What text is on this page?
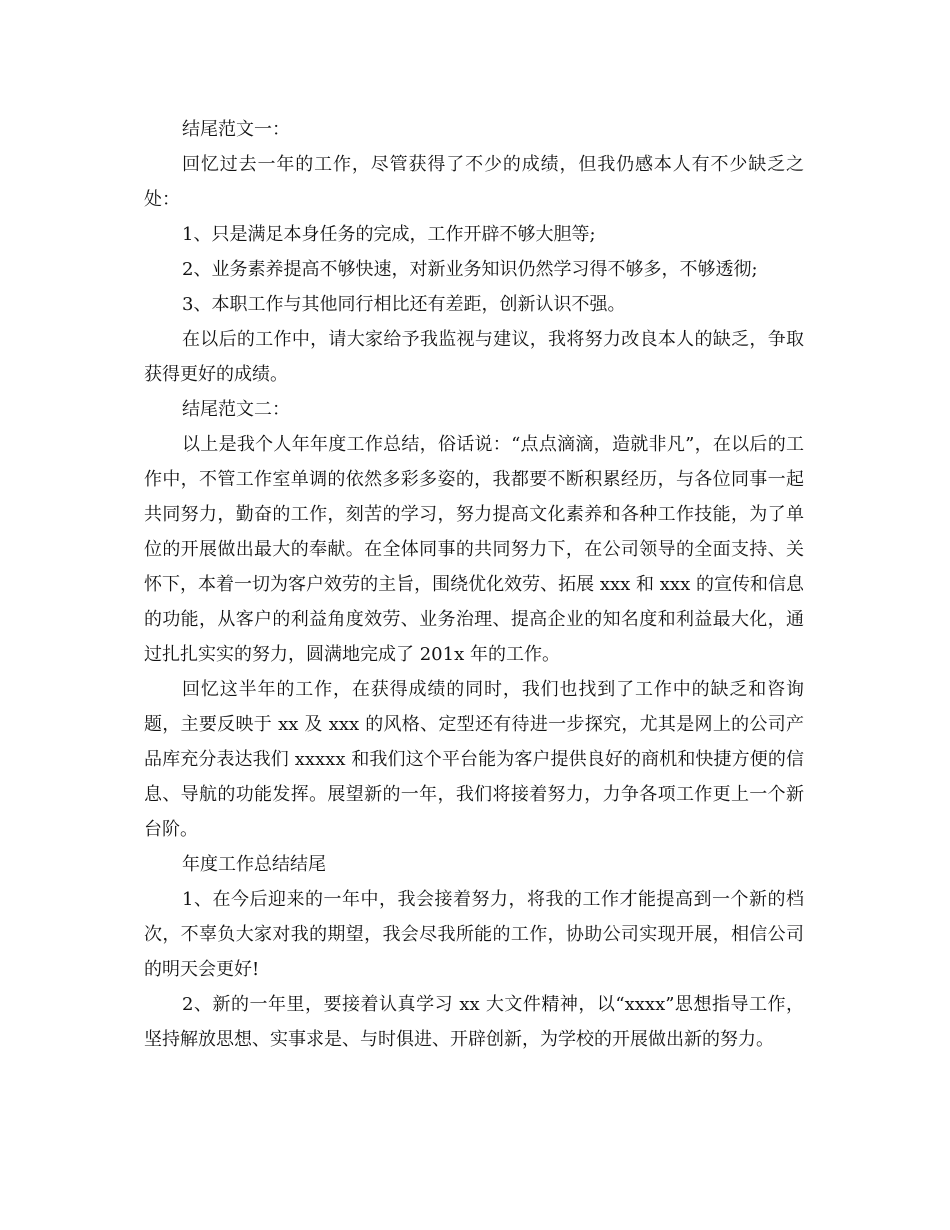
结尾范文一：

回忆过去一年的工作，尽管获得了不少的成绩，但我仍感本人有不少缺乏之处：

1、只是满足本身任务的完成，工作开辟不够大胆等;

2、业务素养提高不够快速，对新业务知识仍然学习得不够多，不够透彻;

3、本职工作与其他同行相比还有差距，创新认识不强。

在以后的工作中，请大家给予我监视与建议，我将努力改良本人的缺乏，争取获得更好的成绩。

结尾范文二：

以上是我个人年年度工作总结，俗话说：“点点滴滴，造就非凡”，在以后的工作中，不管工作室单调的依然多彩多姿的，我都要不断积累经历，与各位同事一起共同努力，勤奋的工作，刻苦的学习，努力提高文化素养和各种工作技能，为了单位的开展做出最大的奉献。在全体同事的共同努力下，在公司领导的全面支持、关怀下，本着一切为客户效劳的主旨，围绕优化效劳、拓展 xxx 和 xxx 的宣传和信息的功能，从客户的利益角度效劳、业务治理、提高企业的知名度和利益最大化，通过扎扎实实的努力，圆满地完成了 201x 年的工作。

回忆这半年的工作，在获得成绩的同时，我们也找到了工作中的缺乏和咨询题，主要反映于 xx 及 xxx 的风格、定型还有待进一步探究，尤其是网上的公司产品库充分表达我们 xxxxx 和我们这个平台能为客户提供良好的商机和快捷方便的信息、导航的功能发挥。展望新的一年，我们将接着努力，力争各项工作更上一个新台阶。

年度工作总结结尾

1、在今后迎来的一年中，我会接着努力，将我的工作才能提高到一个新的档次，不辜负大家对我的期望，我会尽我所能的工作，协助公司实现开展，相信公司的明天会更好!

2、新的一年里，要接着认真学习 xx 大文件精神，以“xxxx”思想指导工作，坚持解放思想、实事求是、与时俱进、开辟创新，为学校的开展做出新的努力。
